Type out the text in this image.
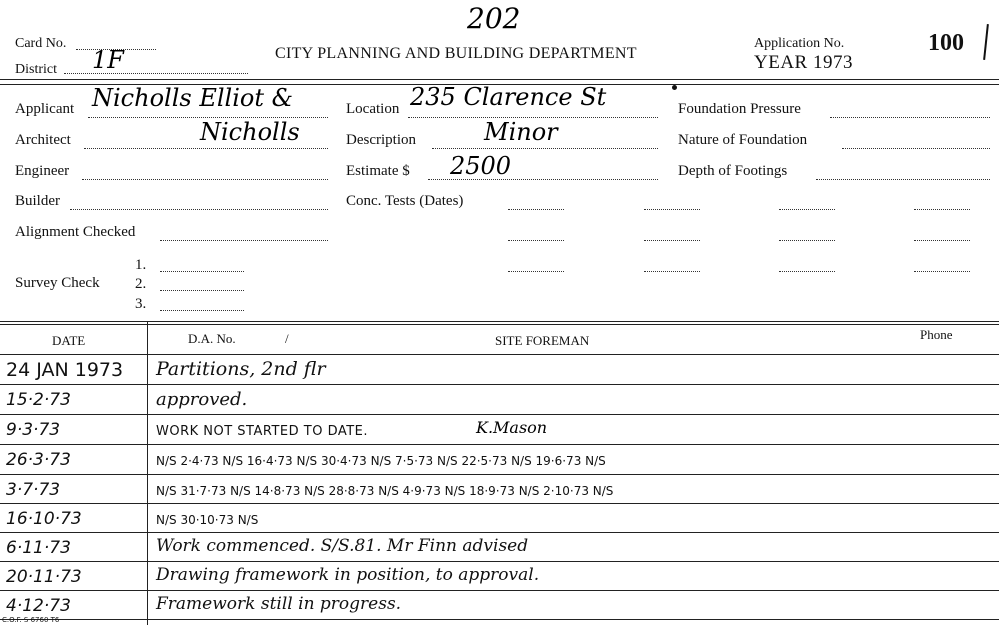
Card No.
District 1F
202
CITY PLANNING AND BUILDING DEPARTMENT
Application No.
YEAR 1973
100
Applicant Nicholls Elliot &
Architect	Nicholls
Engineer
Builder
Alignment Checked
Survey Check
1.
2.
3.
Location 235 Clarence St
Description	Minor
Estimate $ 2500
Conc. Tests (Dates)
Foundation Pressure
Nature of Foundation
Depth of Footings
DATE	D.A. No.	/	SITE FOREMAN	Phone
24 JAN 1973	Partitions, 2nd flr
15·2·73	approved.
9·3·73	WORK NOT STARTED TO DATE.	K.Mason
26·3·73	N/S 2·4·73 N/S 16·4·73 N/S 30·4·73 N/S 7·5·73 N/S 22·5·73 N/S 19·6·73 N/S
3·7·73	N/S 31·7·73 N/S 14·8·73 N/S 28·8·73 N/S 4·9·73 N/S 18·9·73 N/S 2·10·73 N/S
16·10·73	N/S 30·10·73 N/S
6·11·73	Work commenced. S/S.81. Mr Finn advised
20·11·73	Drawing framework in position, to approval.
4·12·73	Framework still in progress.
C.O.F. S 6760 T6
